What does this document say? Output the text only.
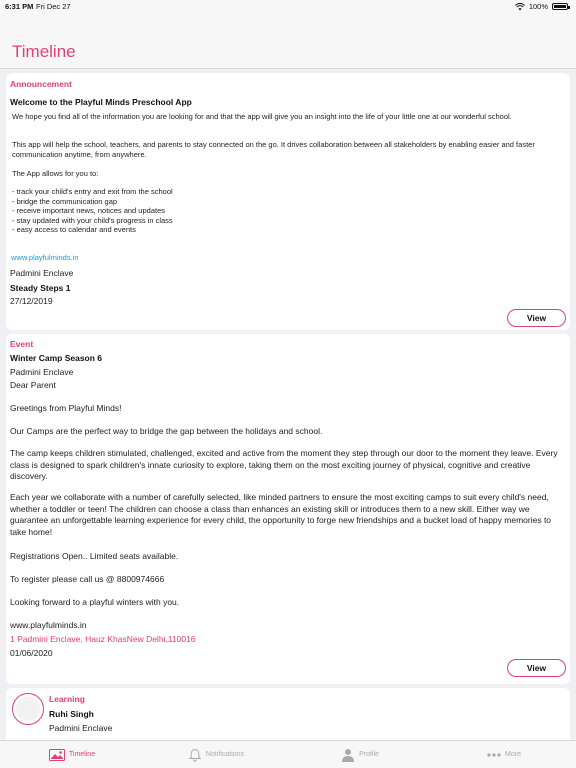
6:31 PM Fri Dec 27	100%
Timeline
Announcement
Welcome to the Playful Minds Preschool App
We hope you find all of the information you are looking for and that the app will give you an insight into the life of your little one at our wonderful school.
This app will help the school, teachers, and parents to stay connected on the go. It drives collaboration between all stakeholders by enabling easier and faster communication anytime, from anywhere.
The App allows for you to:
- track your child's entry and exit from the school
- bridge the communication gap
- receive important news, notices and updates
- stay updated with your child's progress in class
- easy access to calendar and events
www.playfulminds.in
Padmini Enclave
Steady Steps 1
27/12/2019
View
Event
Winter Camp Season 6
Padmini Enclave
Dear Parent
Greetings from Playful Minds!
Our Camps are the perfect way to bridge the gap between the holidays and school.
The camp keeps children stimulated, challenged, excited and active from the moment they step through our door to the moment they leave. Every class is designed to spark children's innate curiosity to explore, taking them on the most exciting journey of physical, cognitive and creative discovery.
Each year we collaborate with a number of carefully selected, like minded partners to ensure the most exciting camps to suit every child's need, whether a toddler or teen! The children can choose a class than enhances an existing skill or introduces them to a new skill. Either way we guarantee an unforgettable learning experience for every child, the opportunity to forge new friendships and a bucket load of happy memories to take home!
Registrations Open.. Limited seats available.
To register please call us @ 8800974666
Looking forward to a playful winters with you.
www.playfulminds.in
1 Padmini Enclave, Hauz KhasNew Delhi,110016
01/06/2020
View
Learning
Ruhi Singh
Padmini Enclave
Timeline	Notifications	Profile	More
